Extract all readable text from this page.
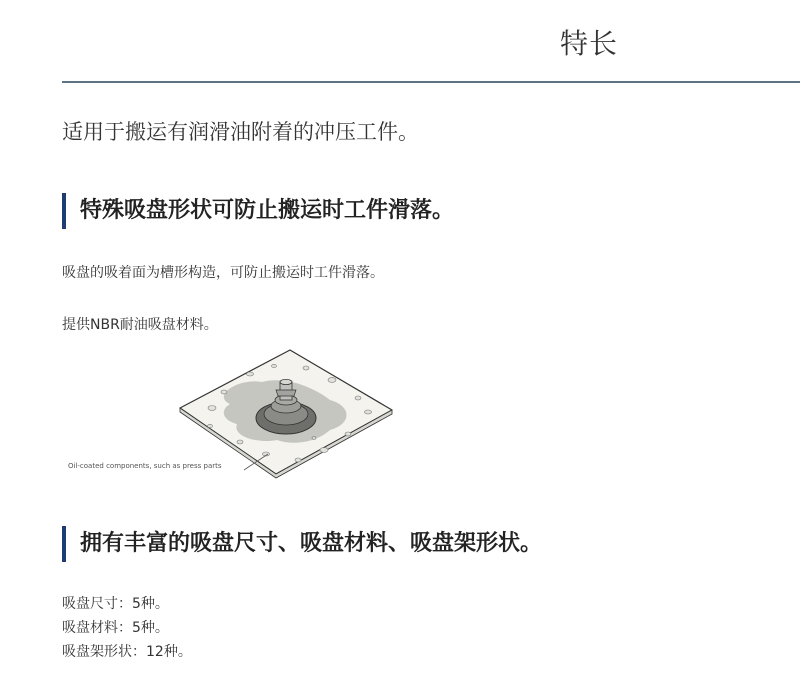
特长
适用于搬运有润滑油附着的冲压工件。
特殊吸盘形状可防止搬运时工件滑落。
吸盘的吸着面为槽形构造，可防止搬运时工件滑落。
提供NBR耐油吸盘材料。
Oil-coated components, such as press parts
拥有丰富的吸盘尺寸、吸盘材料、吸盘架形状。
吸盘尺寸：5种。
吸盘材料：5种。
吸盘架形状：12种。
